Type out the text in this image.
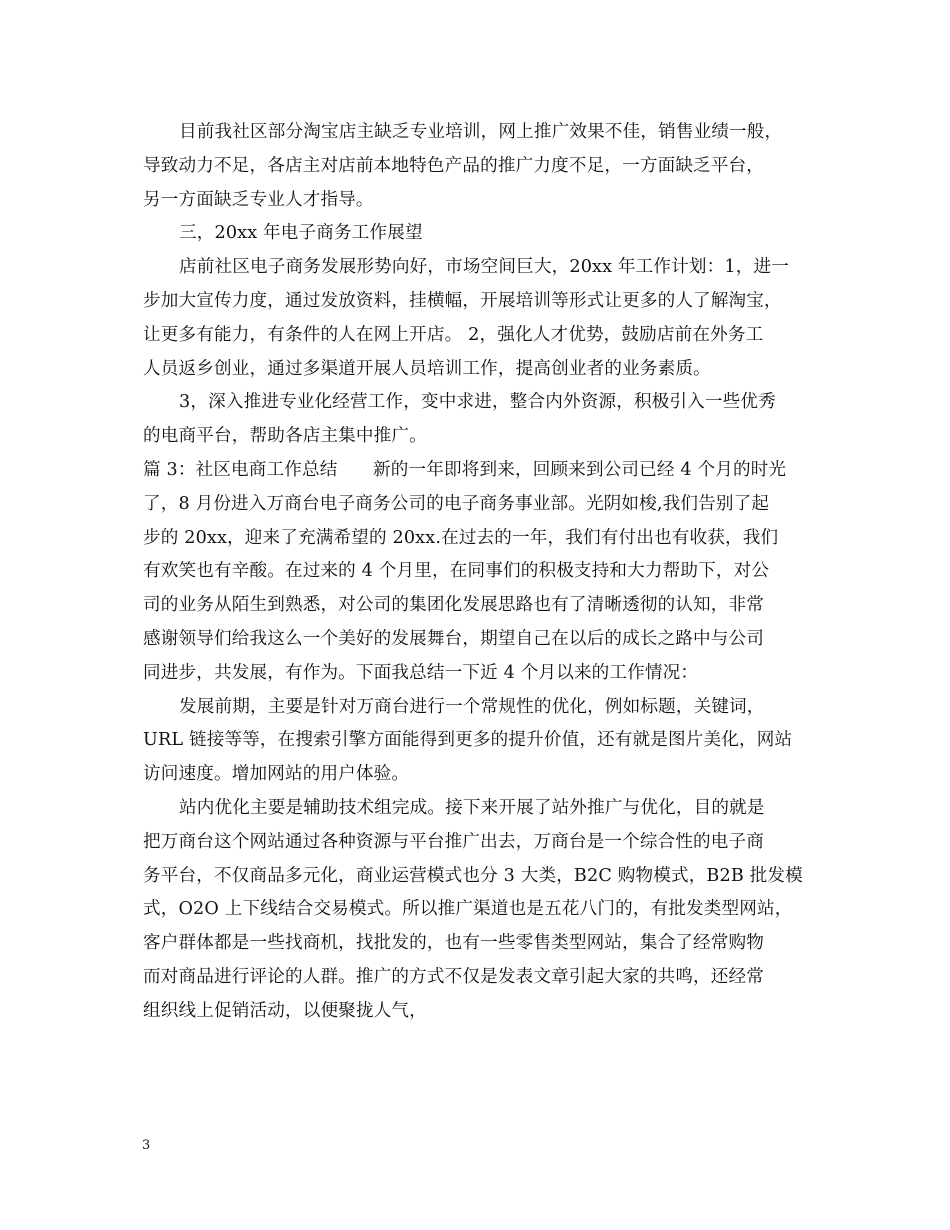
目前我社区部分淘宝店主缺乏专业培训，网上推广效果不佳，销售业绩一般，
导致动力不足，各店主对店前本地特色产品的推广力度不足，一方面缺乏平台，
另一方面缺乏专业人才指导。
三，20xx 年电子商务工作展望
店前社区电子商务发展形势向好，市场空间巨大，20xx 年工作计划：1，进一
步加大宣传力度，通过发放资料，挂横幅，开展培训等形式让更多的人了解淘宝，
让更多有能力，有条件的人在网上开店。 2，强化人才优势，鼓励店前在外务工
人员返乡创业，通过多渠道开展人员培训工作，提高创业者的业务素质。
3，深入推进专业化经营工作，变中求进，整合内外资源，积极引入一些优秀
的电商平台，帮助各店主集中推广。
篇 3：社区电商工作总结　　新的一年即将到来，回顾来到公司已经 4 个月的时光
了，8 月份进入万商台电子商务公司的电子商务事业部。光阴如梭,我们告别了起
步的 20xx，迎来了充满希望的 20xx.在过去的一年，我们有付出也有收获，我们
有欢笑也有辛酸。在过来的 4 个月里，在同事们的积极支持和大力帮助下，对公
司的业务从陌生到熟悉，对公司的集团化发展思路也有了清晰透彻的认知，非常
感谢领导们给我这么一个美好的发展舞台，期望自己在以后的成长之路中与公司
同进步，共发展，有作为。下面我总结一下近 4 个月以来的工作情况：
发展前期，主要是针对万商台进行一个常规性的优化，例如标题，关键词，
URL 链接等等，在搜索引擎方面能得到更多的提升价值，还有就是图片美化，网站
访问速度。增加网站的用户体验。
站内优化主要是辅助技术组完成。接下来开展了站外推广与优化，目的就是
把万商台这个网站通过各种资源与平台推广出去，万商台是一个综合性的电子商
务平台，不仅商品多元化，商业运营模式也分 3 大类，B2C 购物模式，B2B 批发模
式，O2O 上下线结合交易模式。所以推广渠道也是五花八门的，有批发类型网站，
客户群体都是一些找商机，找批发的，也有一些零售类型网站，集合了经常购物
而对商品进行评论的人群。推广的方式不仅是发表文章引起大家的共鸣，还经常
组织线上促销活动，以便聚拢人气，
3
